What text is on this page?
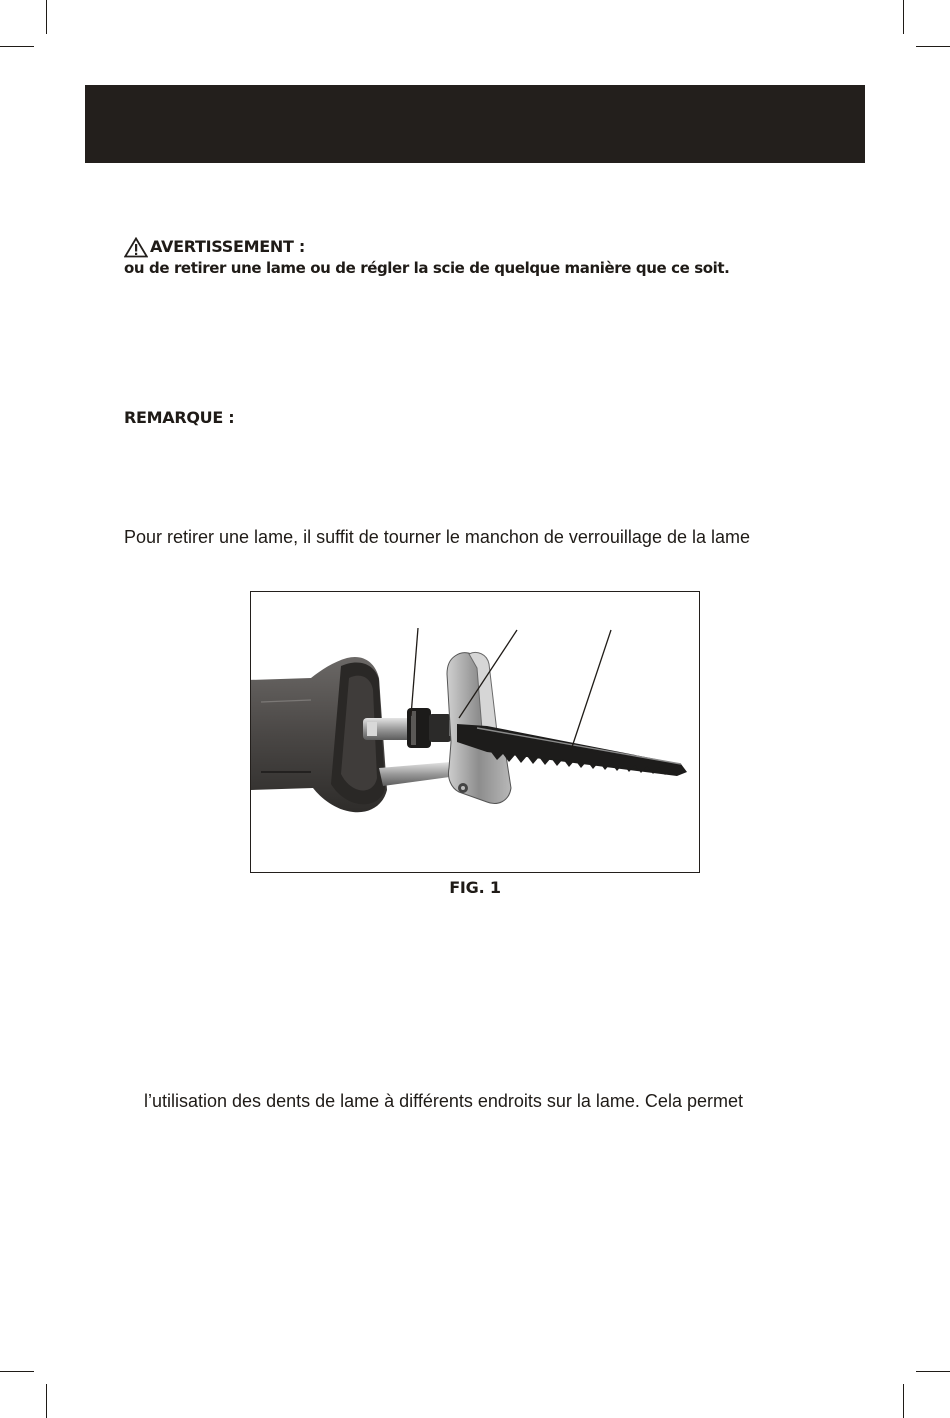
AVERTISSEMENT :
ou de retirer une lame ou de régler la scie de quelque manière que ce soit.
REMARQUE :
Pour retirer une lame, il suffit de tourner le manchon de verrouillage de la lame
FIG. 1
l’utilisation des dents de lame à différents endroits sur la lame. Cela permet
